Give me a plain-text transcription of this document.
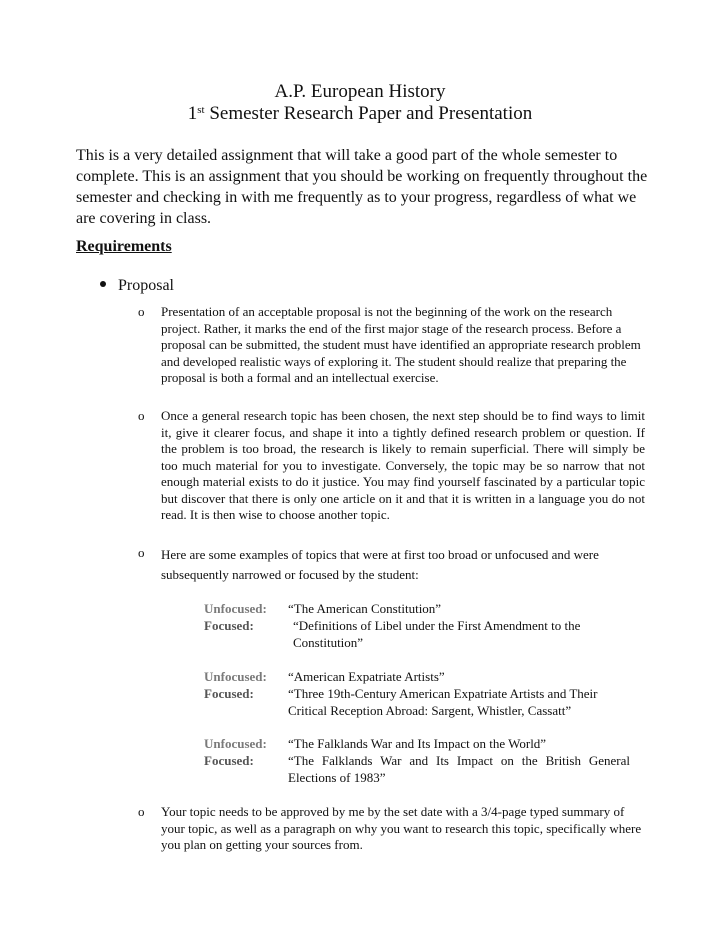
A.P. European History
1st Semester Research Paper and Presentation
This is a very detailed assignment that will take a good part of the whole semester to complete. This is an assignment that you should be working on frequently throughout the semester and checking in with me frequently as to your progress, regardless of what we are covering in class.
Requirements
Proposal
o	Presentation of an acceptable proposal is not the beginning of the work on the research project. Rather, it marks the end of the first major stage of the research process. Before a proposal can be submitted, the student must have identified an appropriate research problem and developed realistic ways of exploring it. The student should realize that preparing the proposal is both a formal and an intellectual exercise.
o	Once a general research topic has been chosen, the next step should be to find ways to limit it, give it clearer focus, and shape it into a tightly defined research problem or question. If the problem is too broad, the research is likely to remain superficial. There will simply be too much material for you to investigate. Conversely, the topic may be so narrow that not enough material exists to do it justice. You may find yourself fascinated by a particular topic but discover that there is only one article on it and that it is written in a language you do not read. It is then wise to choose another topic.
o	Here are some examples of topics that were at first too broad or unfocused and were subsequently narrowed or focused by the student:
Unfocused:	“The American Constitution”
Focused:	“Definitions of Libel under the First Amendment to the Constitution”
Unfocused:	“American Expatriate Artists”
Focused:	“Three 19th-Century American Expatriate Artists and Their Critical Reception Abroad: Sargent, Whistler, Cassatt”
Unfocused:	“The Falklands War and Its Impact on the World”
Focused:	“The Falklands War and Its Impact on the British General Elections of 1983”
o	Your topic needs to be approved by me by the set date with a 3/4-page typed summary of your topic, as well as a paragraph on why you want to research this topic, specifically where you plan on getting your sources from.
